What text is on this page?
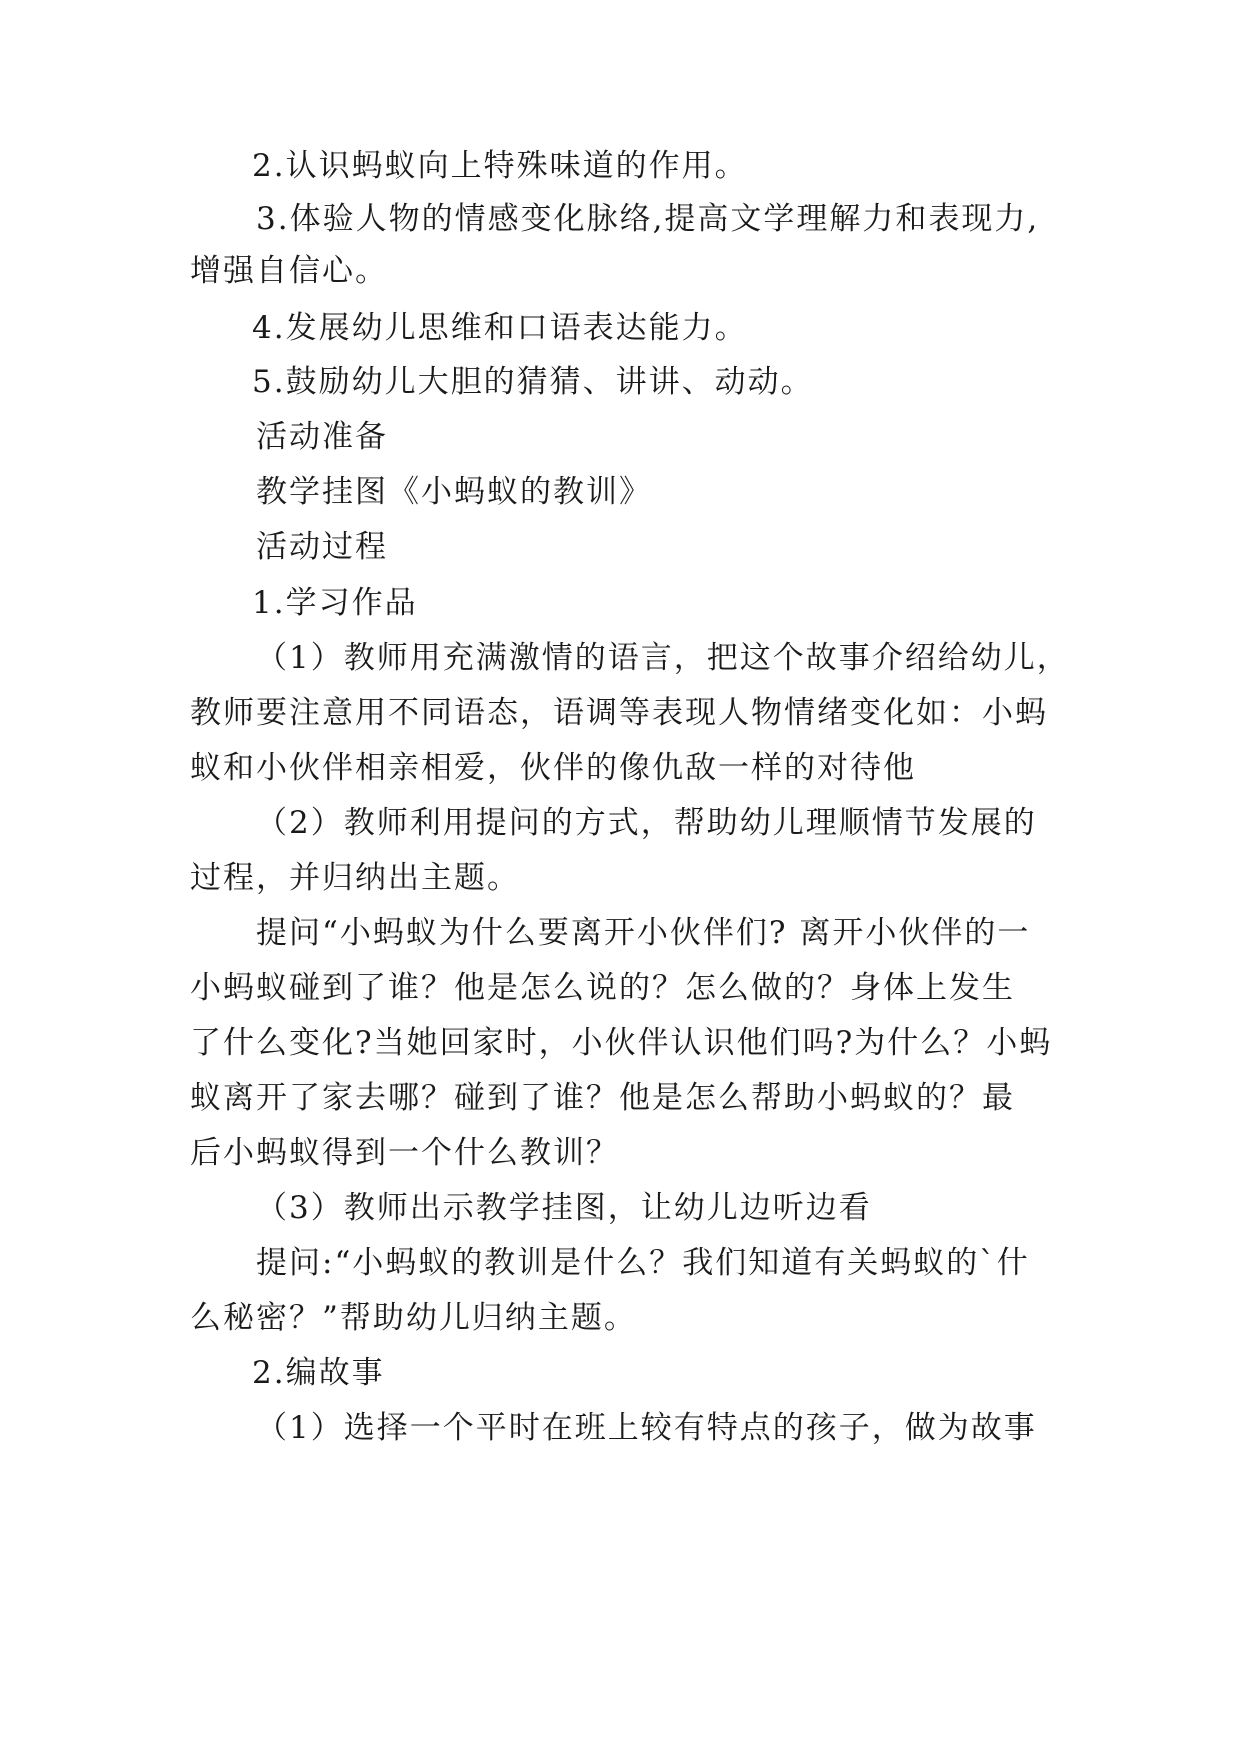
2.认识蚂蚁向上特殊味道的作用。
3.体验人物的情感变化脉络,提高文学理解力和表现力,
增强自信心。
4.发展幼儿思维和口语表达能力。
5.鼓励幼儿大胆的猜猜、讲讲、动动。
活动准备
教学挂图《小蚂蚁的教训》
活动过程
1.学习作品
（1）教师用充满激情的语言，把这个故事介绍给幼儿，
教师要注意用不同语态，语调等表现人物情绪变化如：小蚂
蚁和小伙伴相亲相爱，伙伴的像仇敌一样的对待他
（2）教师利用提问的方式，帮助幼儿理顺情节发展的
过程，并归纳出主题。
提问“小蚂蚁为什么要离开小伙伴们? 离开小伙伴的一
小蚂蚁碰到了谁？他是怎么说的？怎么做的？身体上发生
了什么变化?当她回家时，小伙伴认识他们吗?为什么？小蚂
蚁离开了家去哪？碰到了谁？他是怎么帮助小蚂蚁的？最
后小蚂蚁得到一个什么教训？
（3）教师出示教学挂图，让幼儿边听边看
提问:“小蚂蚁的教训是什么？我们知道有关蚂蚁的`什
么秘密？”帮助幼儿归纳主题。
2.编故事
（1）选择一个平时在班上较有特点的孩子，做为故事
